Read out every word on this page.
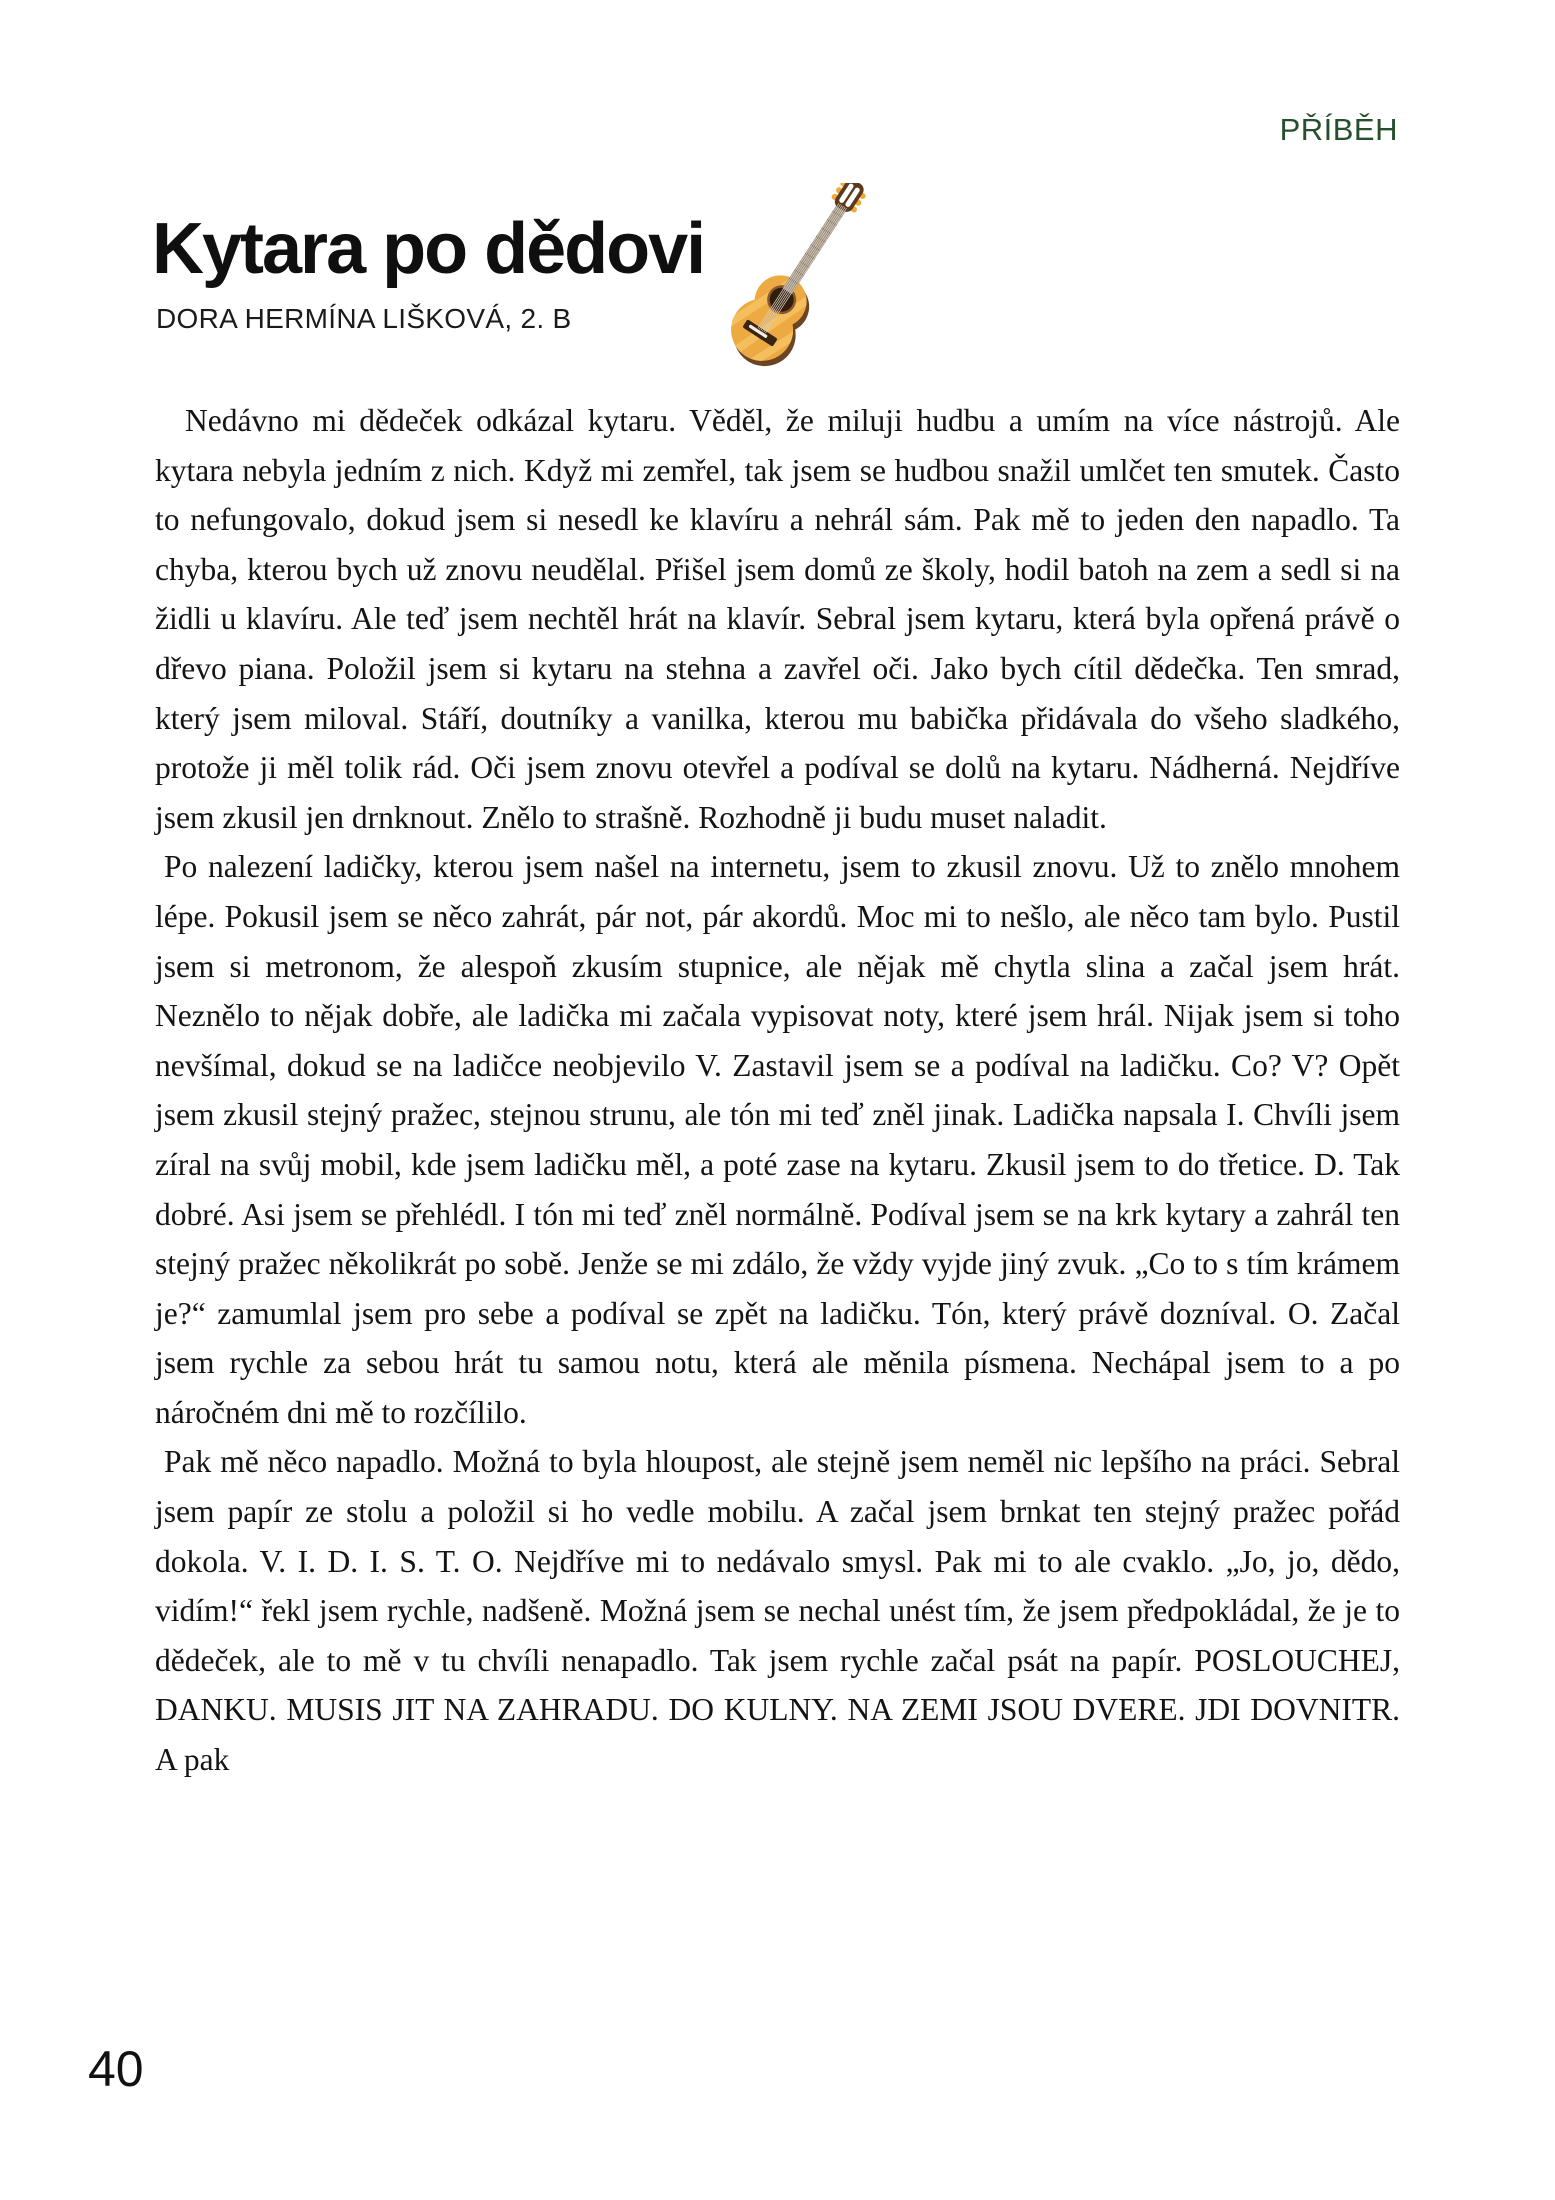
PŘÍBĚH
Kytara po dědovi
DORA HERMÍNA LIŠKOVÁ, 2. B

Nedávno mi dědeček odkázal kytaru. Věděl, že miluji hudbu a umím na více nástrojů. Ale kytara nebyla jedním z nich. Když mi zemřel, tak jsem se hudbou snažil umlčet ten smutek. Často to nefungovalo, dokud jsem si nesedl ke klavíru a nehrál sám. Pak mě to jeden den napadlo. Ta chyba, kterou bych už znovu neudělal. Přišel jsem domů ze školy, hodil batoh na zem a sedl si na židli u klavíru. Ale teď jsem nechtěl hrát na klavír. Sebral jsem kytaru, která byla opřená právě o dřevo piana. Položil jsem si kytaru na stehna a zavřel oči. Jako bych cítil dědečka. Ten smrad, který jsem miloval. Stáří, doutníky a vanilka, kterou mu babička přidávala do všeho sladkého, protože ji měl tolik rád. Oči jsem znovu otevřel a podíval se dolů na kytaru. Nádherná. Nejdříve jsem zkusil jen drnknout. Znělo to strašně. Rozhodně ji budu muset naladit.

Po nalezení ladičky, kterou jsem našel na internetu, jsem to zkusil znovu. Už to znělo mnohem lépe. Pokusil jsem se něco zahrát, pár not, pár akordů. Moc mi to nešlo, ale něco tam bylo. Pustil jsem si metronom, že alespoň zkusím stupnice, ale nějak mě chytla slina a začal jsem hrát. Neznělo to nějak dobře, ale ladička mi začala vypisovat noty, které jsem hrál. Nijak jsem si toho nevšímal, dokud se na ladičce neobjevilo V. Zastavil jsem se a podíval na ladičku. Co? V? Opět jsem zkusil stejný pražec, stejnou strunu, ale tón mi teď zněl jinak. Ladička napsala I. Chvíli jsem zíral na svůj mobil, kde jsem ladičku měl, a poté zase na kytaru. Zkusil jsem to do třetice. D. Tak dobré. Asi jsem se přehlédl. I tón mi teď zněl normálně. Podíval jsem se na krk kytary a zahrál ten stejný pražec několikrát po sobě. Jenže se mi zdálo, že vždy vyjde jiný zvuk. „Co to s tím krámem je?“ zamumlal jsem pro sebe a podíval se zpět na ladičku. Tón, který právě dozníval. O. Začal jsem rychle za sebou hrát tu samou notu, která ale měnila písmena. Nechápal jsem to a po náročném dni mě to rozčílilo.

Pak mě něco napadlo. Možná to byla hloupost, ale stejně jsem neměl nic lepšího na práci. Sebral jsem papír ze stolu a položil si ho vedle mobilu. A začal jsem brnkat ten stejný pražec pořád dokola. V. I. D. I. S. T. O. Nejdříve mi to nedávalo smysl. Pak mi to ale cvaklo. „Jo, jo, dědo, vidím!“ řekl jsem rychle, nadšeně. Možná jsem se nechal unést tím, že jsem předpokládal, že je to dědeček, ale to mě v tu chvíli nenapadlo. Tak jsem rychle začal psát na papír. POSLOUCHEJ, DANKU. MUSIS JIT NA ZAHRADU. DO KULNY. NA ZEMI JSOU DVERE. JDI DOVNITR. A pak

40
